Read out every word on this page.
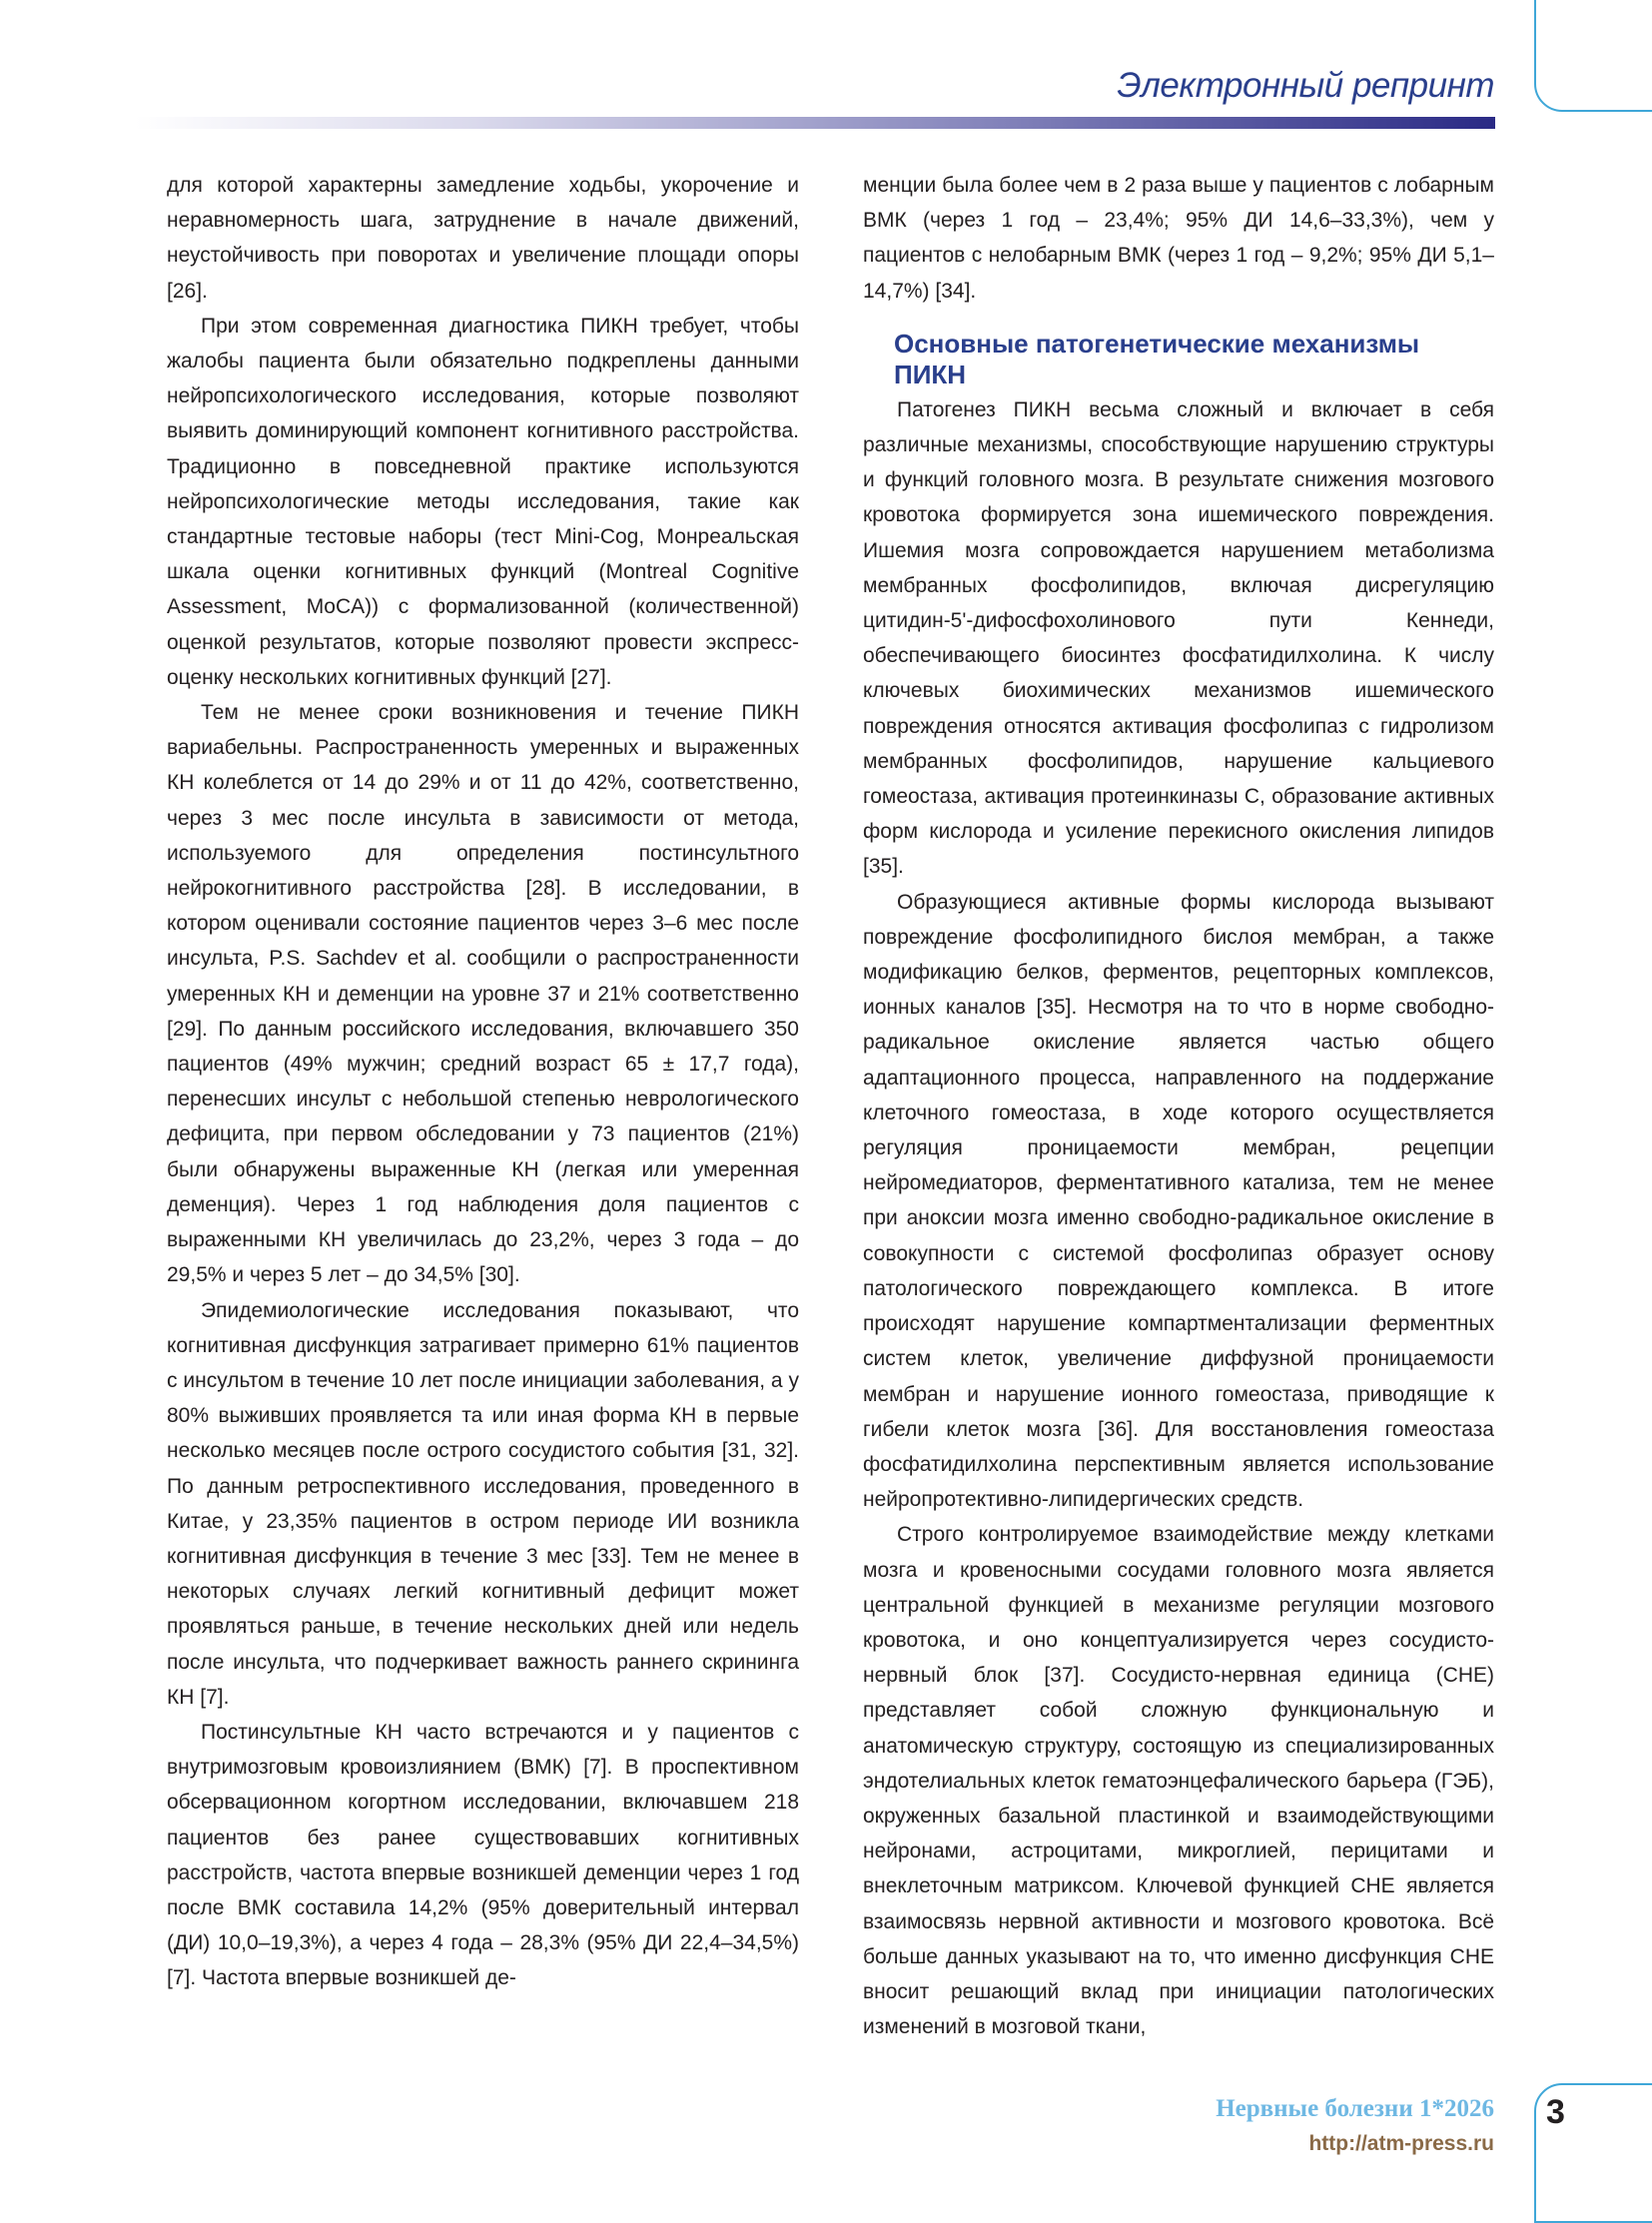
Электронный репринт

для которой характерны замедление ходьбы, укорочение и неравномерность шага, затруднение в начале движений, неустойчивость при поворотах и увеличение площади опоры [26].

При этом современная диагностика ПИКН требует, чтобы жалобы пациента были обязательно подкреплены данными нейропсихологического исследования, которые позволяют выявить доминирующий компонент когнитивного расстройства. Традиционно в повседневной практике используются нейропсихологические методы исследования, такие как стандартные тестовые наборы (тест Mini-Cog, Монреальская шкала оценки когнитивных функций (Montreal Cognitive Assessment, MoCA)) с формализованной (количественной) оценкой результатов, которые позволяют провести экспресс-оценку нескольких когнитивных функций [27].

Тем не менее сроки возникновения и течение ПИКН вариабельны. Распространенность умеренных и выраженных КН колеблется от 14 до 29% и от 11 до 42%, соответственно, через 3 мес после инсульта в зависимости от метода, используемого для определения постинсультного нейрокогнитивного расстройства [28]. В исследовании, в котором оценивали состояние пациентов через 3–6 мес после инсульта, P.S. Sachdev et al. сообщили о распространенности умеренных КН и деменции на уровне 37 и 21% соответственно [29]. По данным российского исследования, включавшего 350 пациентов (49% мужчин; средний возраст 65 ± 17,7 года), перенесших инсульт с небольшой степенью неврологического дефицита, при первом обследовании у 73 пациентов (21%) были обнаружены выраженные КН (легкая или умеренная деменция). Через 1 год наблюдения доля пациентов с выраженными КН увеличилась до 23,2%, через 3 года – до 29,5% и через 5 лет – до 34,5% [30].

Эпидемиологические исследования показывают, что когнитивная дисфункция затрагивает примерно 61% пациентов с инсультом в течение 10 лет после инициации заболевания, а у 80% выживших проявляется та или иная форма КН в первые несколько месяцев после острого сосудистого события [31, 32]. По данным ретроспективного исследования, проведенного в Китае, у 23,35% пациентов в остром периоде ИИ возникла когнитивная дисфункция в течение 3 мес [33]. Тем не менее в некоторых случаях легкий когнитивный дефицит может проявляться раньше, в течение нескольких дней или недель после инсульта, что подчеркивает важность раннего скрининга КН [7].

Постинсультные КН часто встречаются и у пациентов с внутримозговым кровоизлиянием (ВМК) [7]. В проспективном обсервационном когортном исследовании, включавшем 218 пациентов без ранее существовавших когнитивных расстройств, частота впервые возникшей деменции через 1 год после ВМК составила 14,2% (95% доверительный интервал (ДИ) 10,0–19,3%), а через 4 года – 28,3% (95% ДИ 22,4–34,5%) [7]. Частота впервые возникшей де-

менции была более чем в 2 раза выше у пациентов с лобарным ВМК (через 1 год – 23,4%; 95% ДИ 14,6–33,3%), чем у пациентов с нелобарным ВМК (через 1 год – 9,2%; 95% ДИ 5,1–14,7%) [34].

Основные патогенетические механизмы ПИКН

Патогенез ПИКН весьма сложный и включает в себя различные механизмы, способствующие нарушению структуры и функций головного мозга. В результате снижения мозгового кровотока формируется зона ишемического повреждения. Ишемия мозга сопровождается нарушением метаболизма мембранных фосфолипидов, включая дисрегуляцию цитидин-5'-дифосфохолинового пути Кеннеди, обеспечивающего биосинтез фосфатидилхолина. К числу ключевых биохимических механизмов ишемического повреждения относятся активация фосфолипаз с гидролизом мембранных фосфолипидов, нарушение кальциевого гомеостаза, активация протеинкиназы С, образование активных форм кислорода и усиление перекисного окисления липидов [35].

Образующиеся активные формы кислорода вызывают повреждение фосфолипидного бислоя мембран, а также модификацию белков, ферментов, рецепторных комплексов, ионных каналов [35]. Несмотря на то что в норме свободно-радикальное окисление является частью общего адаптационного процесса, направленного на поддержание клеточного гомеостаза, в ходе которого осуществляется регуляция проницаемости мембран, рецепции нейромедиаторов, ферментативного катализа, тем не менее при аноксии мозга именно свободно-радикальное окисление в совокупности с системой фосфолипаз образует основу патологического повреждающего комплекса. В итоге происходят нарушение компартментализации ферментных систем клеток, увеличение диффузной проницаемости мембран и нарушение ионного гомеостаза, приводящие к гибели клеток мозга [36]. Для восстановления гомеостаза фосфатидилхолина перспективным является использование нейропротективно-липидергических средств.

Строго контролируемое взаимодействие между клетками мозга и кровеносными сосудами головного мозга является центральной функцией в механизме регуляции мозгового кровотока, и оно концептуализируется через сосудисто-нервный блок [37]. Сосудисто-нервная единица (СНЕ) представляет собой сложную функциональную и анатомическую структуру, состоящую из специализированных эндотелиальных клеток гематоэнцефалического барьера (ГЭБ), окруженных базальной пластинкой и взаимодействующими нейронами, астроцитами, микроглией, перицитами и внеклеточным матриксом. Ключевой функцией СНЕ является взаимосвязь нервной активности и мозгового кровотока. Всё больше данных указывают на то, что именно дисфункция СНЕ вносит решающий вклад при инициации патологических изменений в мозговой ткани,

3
Нервные болезни 1*2026
http://atm-press.ru
